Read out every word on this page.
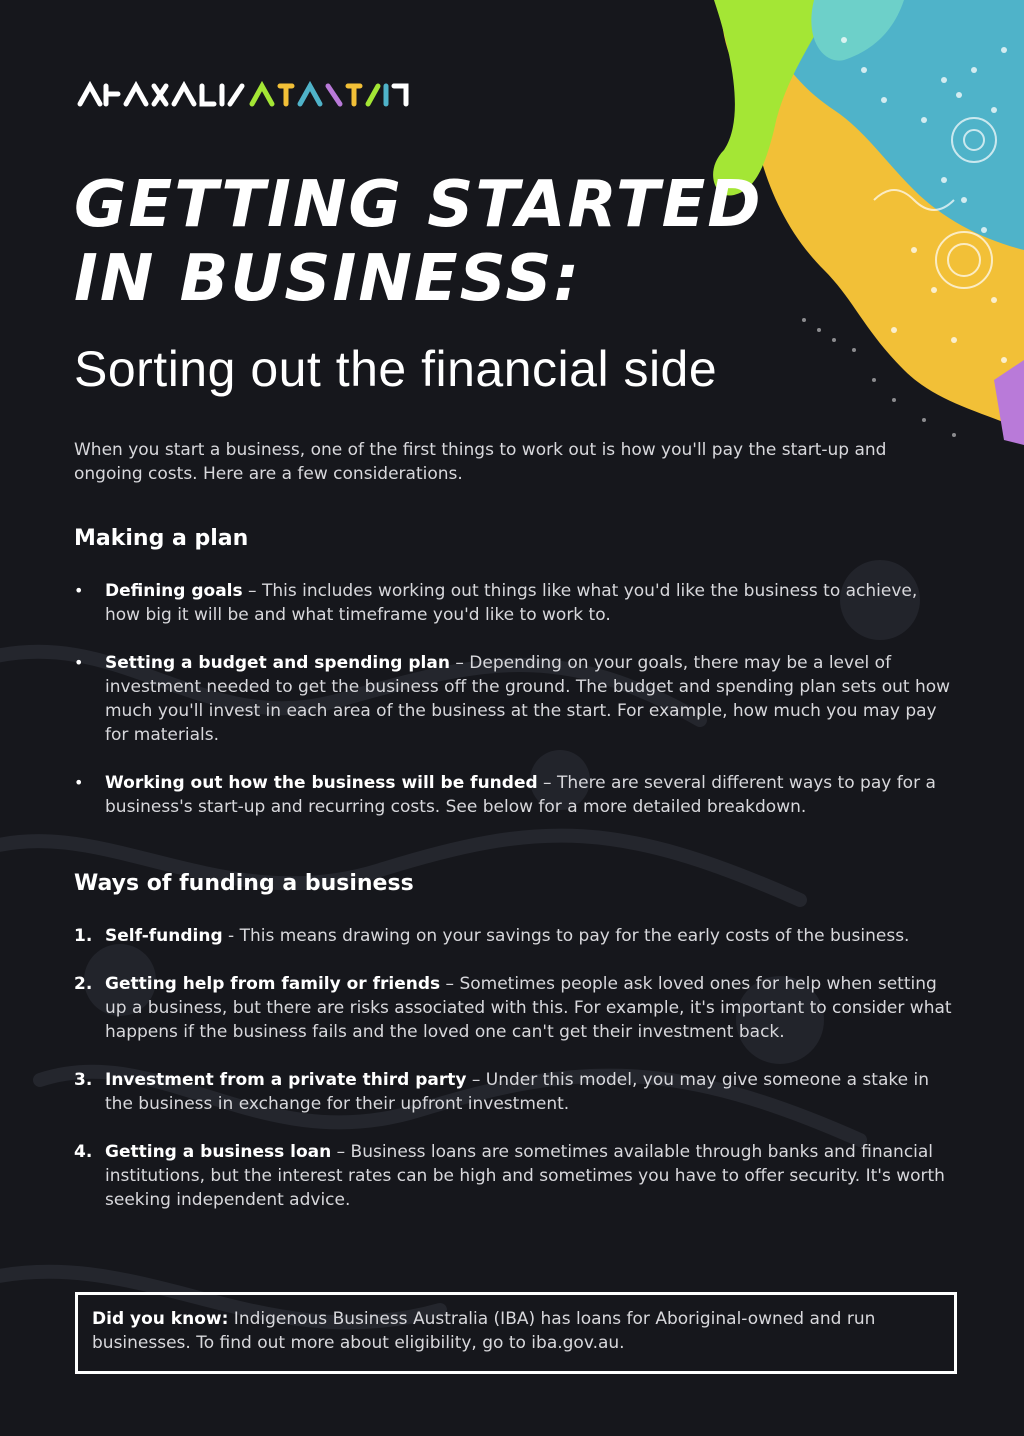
GETTING STARTED
IN BUSINESS:
Sorting out the financial side

When you start a business, one of the first things to work out is how you'll pay the start-up and ongoing costs. Here are a few considerations.

Making a plan
• Defining goals – This includes working out things like what you'd like the business to achieve, how big it will be and what timeframe you'd like to work to.
• Setting a budget and spending plan – Depending on your goals, there may be a level of investment needed to get the business off the ground. The budget and spending plan sets out how much you'll invest in each area of the business at the start. For example, how much you may pay for materials.
• Working out how the business will be funded – There are several different ways to pay for a business's start-up and recurring costs. See below for a more detailed breakdown.
Ways of funding a business
1. Self-funding - This means drawing on your savings to pay for the early costs of the business.
2. Getting help from family or friends – Sometimes people ask loved ones for help when setting up a business, but there are risks associated with this. For example, it's important to consider what happens if the business fails and the loved one can't get their investment back.
3. Investment from a private third party – Under this model, you may give someone a stake in the business in exchange for their upfront investment.
4. Getting a business loan – Business loans are sometimes available through banks and financial institutions, but the interest rates can be high and sometimes you have to offer security. It's worth seeking independent advice.
Did you know: Indigenous Business Australia (IBA) has loans for Aboriginal-owned and run businesses. To find out more about eligibility, go to iba.gov.au.
